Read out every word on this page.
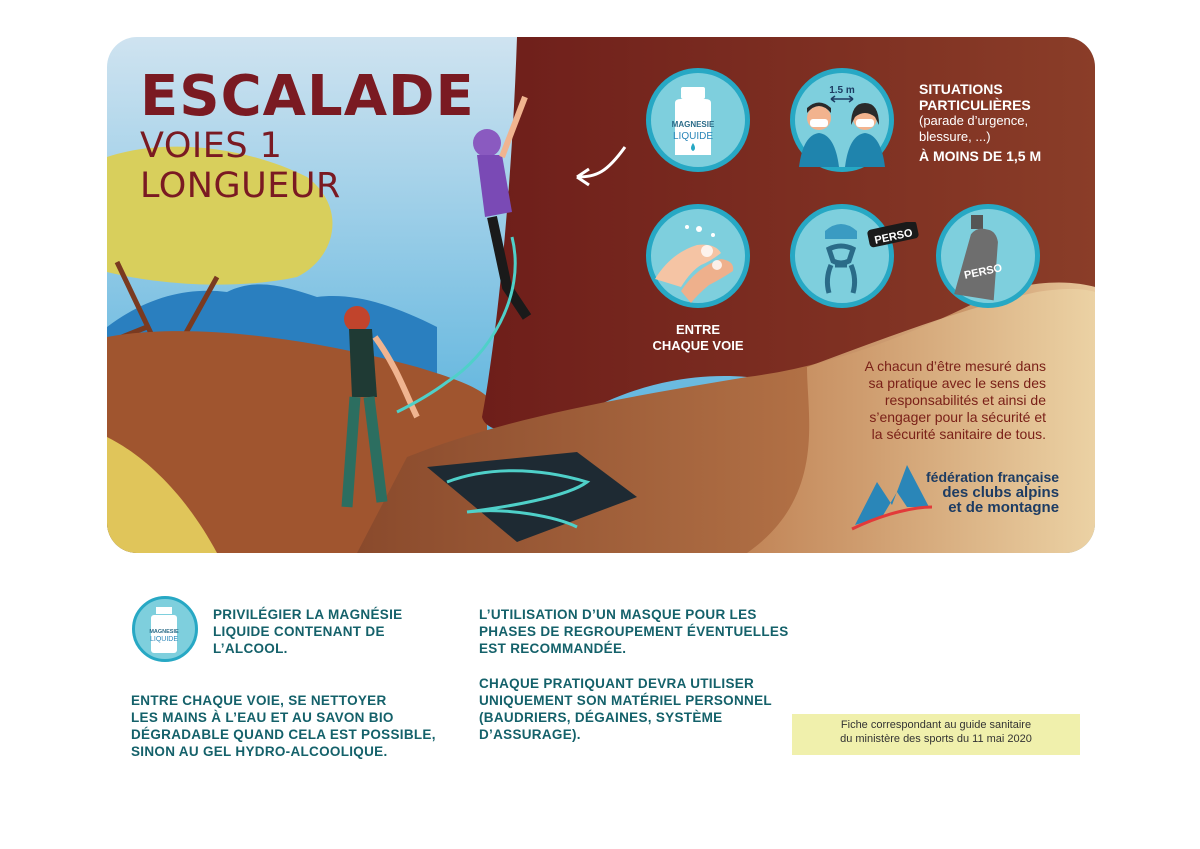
ESCALADE
VOIES 1
LONGUEUR
MAGNESIE
LIQUIDE
1.5 m	SITUATIONS
PARTICULIÈRES
(parade d’urgence,
blessure, ...)
À MOINS DE 1,5 M
ENTRE
CHAQUE VOIE
PERSO
PERSO
A chacun d’être mesuré dans
sa pratique avec le sens des
responsabilités et ainsi de
s’engager pour la sécurité et
la sécurité sanitaire de tous.
fédération française
des clubs alpins
et de montagne
MAGNESIE
LIQUIDE
PRIVILÉGIER LA MAGNÉSIE
LIQUIDE CONTENANT DE
L’ALCOOL.
ENTRE CHAQUE VOIE, SE NETTOYER
LES MAINS À L’EAU ET AU SAVON BIO
DÉGRADABLE QUAND CELA EST POSSIBLE,
SINON AU GEL HYDRO-ALCOOLIQUE.
L’UTILISATION D’UN MASQUE POUR LES
PHASES DE REGROUPEMENT ÉVENTUELLES
EST RECOMMANDÉE.
CHAQUE PRATIQUANT DEVRA UTILISER
UNIQUEMENT SON MATÉRIEL PERSONNEL
(BAUDRIERS, DÉGAINES, SYSTÈME
D’ASSURAGE).
Fiche correspondant au guide sanitaire
du ministère des sports du 11 mai 2020
